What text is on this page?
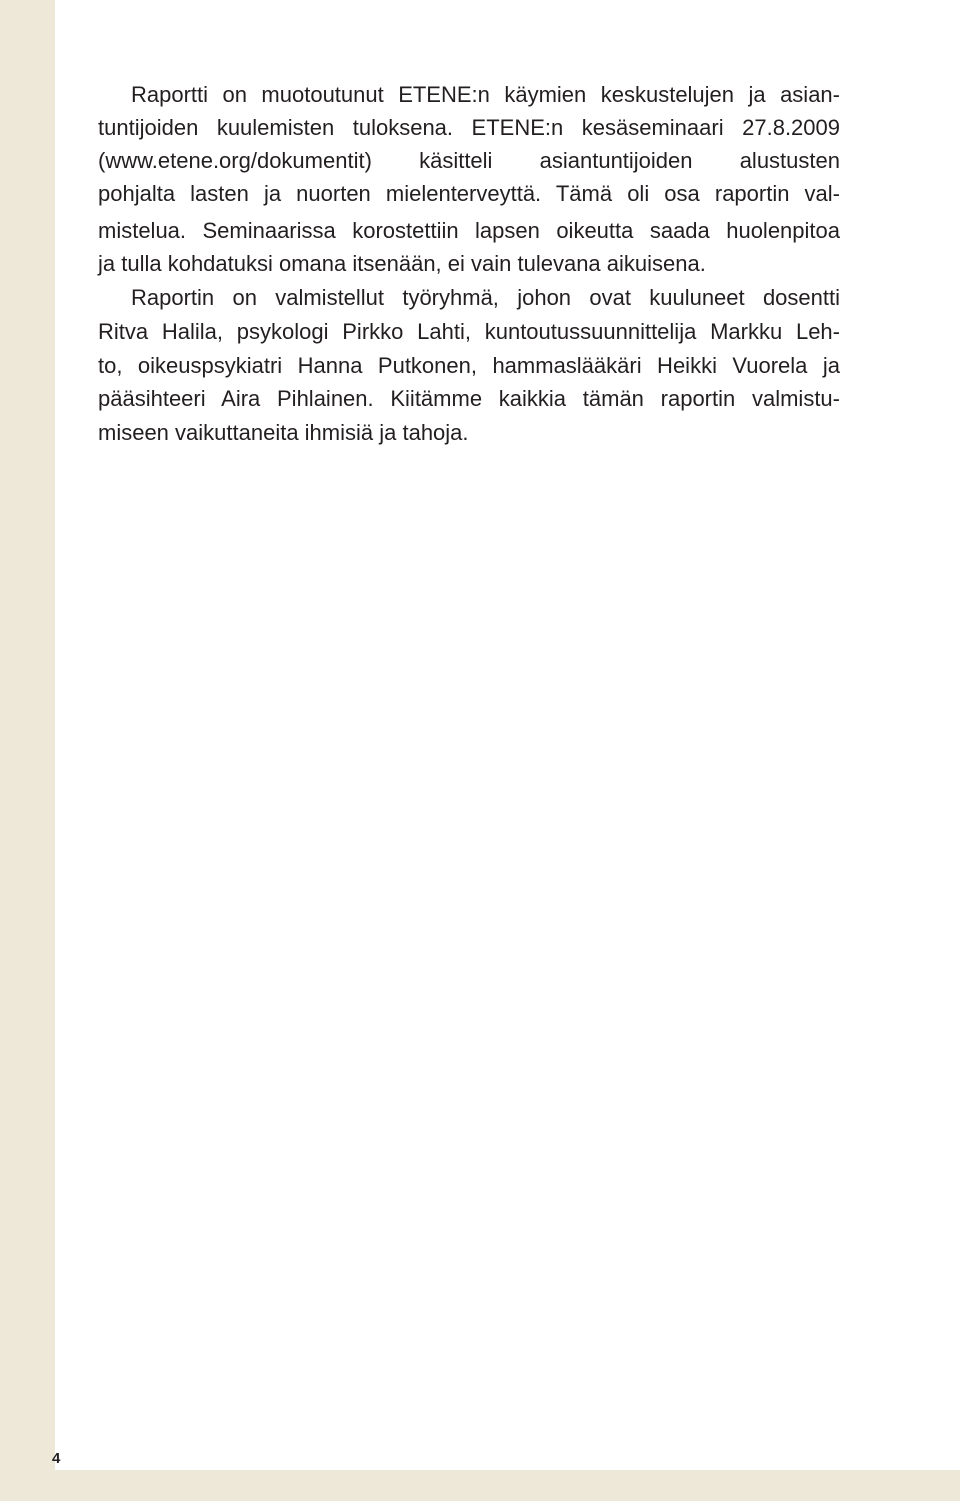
Raportti on muotoutunut ETENE:n käymien keskustelujen ja asian-
tuntijoiden kuulemisten tuloksena. ETENE:n kesäseminaari 27.8.2009
(www.etene.org/dokumentit) käsitteli asiantuntijoiden alustusten
pohjalta lasten ja nuorten mielenterveyttä. Tämä oli osa raportin val-
mistelua. Seminaarissa korostettiin lapsen oikeutta saada huolenpitoa
ja tulla kohdatuksi omana itsenään, ei vain tulevana aikuisena.
Raportin on valmistellut työryhmä, johon ovat kuuluneet dosentti
Ritva Halila, psykologi Pirkko Lahti, kuntoutussuunnittelija Markku Leh-
to, oikeuspsykiatri Hanna Putkonen, hammaslääkäri Heikki Vuorela ja
pääsihteeri Aira Pihlainen. Kiitämme kaikkia tämän raportin valmistu-
miseen vaikuttaneita ihmisiä ja tahoja.
4
